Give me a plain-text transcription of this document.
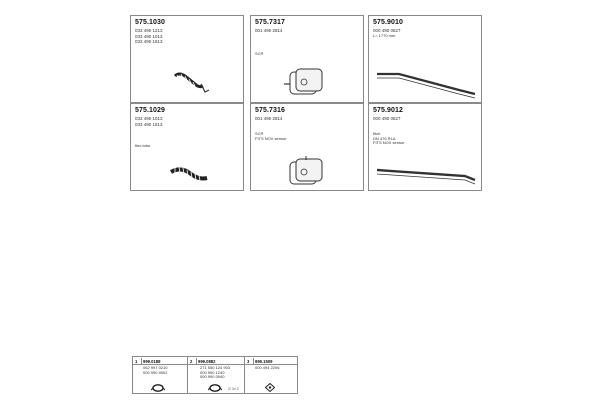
575.1030
033 490 1213
033 490 1013
033 490 1813
575.7317
001 490 2814
SCR
575.9010
000 490 0827
L= 1770 mm
575.1029
033 490 1013
033 490 1813
flex-tube
575.7316
001 490 2814
SCR
FITS NOX sensor
575.9012
000 490 0827
fitch
DN 476 RLA
FITS NOX sensor
1 999.0188
062 997 0210
000 990 9502
2 999.0882
271 550 124 903
000 990 1240
000 990 0940
2/ 2x 2
3 999.1509
000 494 2206
